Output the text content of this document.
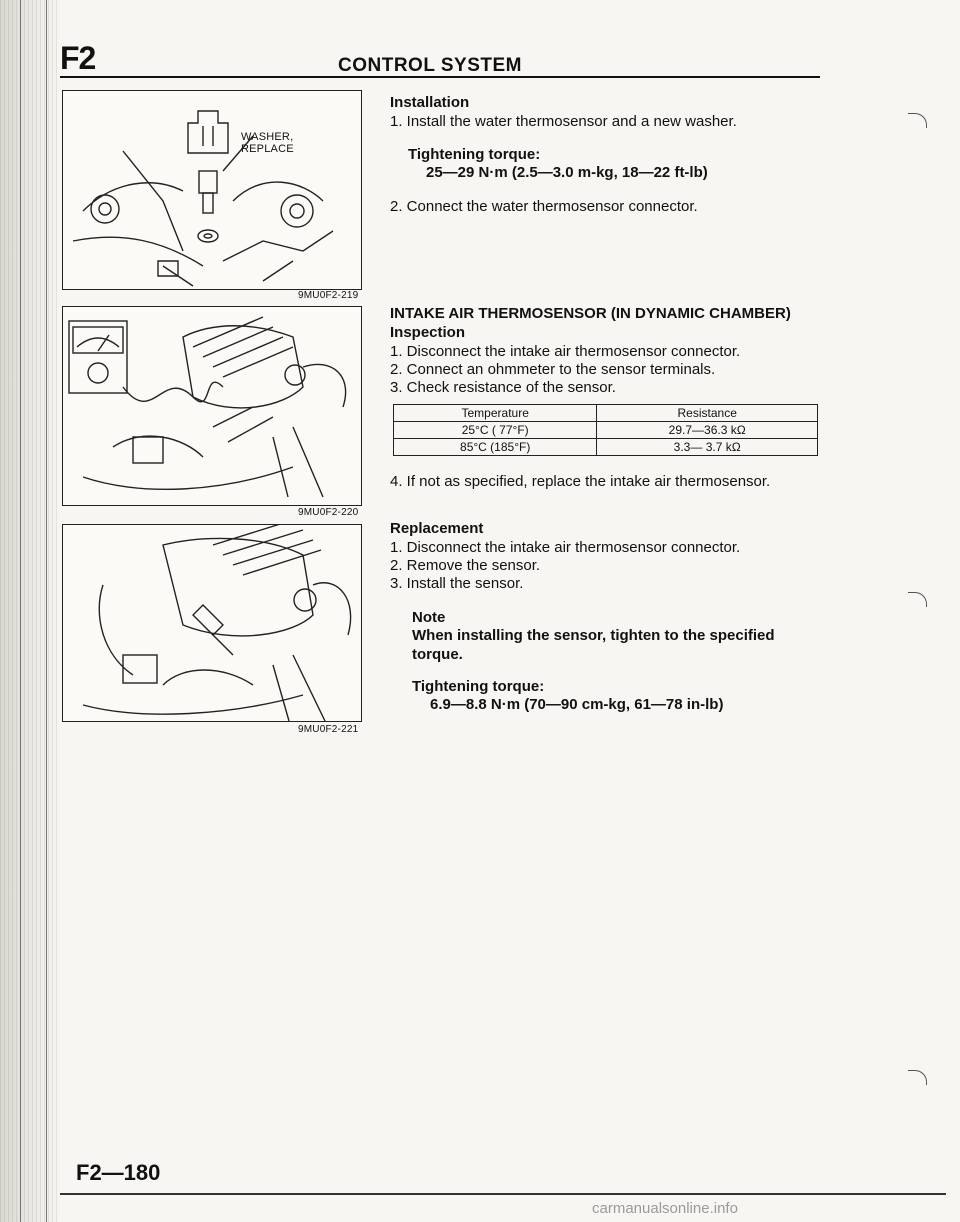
F2	CONTROL SYSTEM
WASHER,
REPLACE
9MU0F2-219
9MU0F2-220
9MU0F2-221
Installation
1. Install the water thermosensor and a new washer.
Tightening torque:
25—29 N·m (2.5—3.0 m-kg, 18—22 ft-lb)
2. Connect the water thermosensor connector.
INTAKE AIR THERMOSENSOR (IN DYNAMIC CHAMBER)
Inspection
1. Disconnect the intake air thermosensor connector.
2. Connect an ohmmeter to the sensor terminals.
3. Check resistance of the sensor.
Temperature	Resistance
25°C ( 77°F)	29.7—36.3 kΩ
85°C (185°F)	3.3— 3.7 kΩ
4. If not as specified, replace the intake air thermosensor.
Replacement
1. Disconnect the intake air thermosensor connector.
2. Remove the sensor.
3. Install the sensor.
Note
When installing the sensor, tighten to the specified torque.
Tightening torque:
6.9—8.8 N·m (70—90 cm-kg, 61—78 in-lb)
F2—180
carmanualsonline.info
